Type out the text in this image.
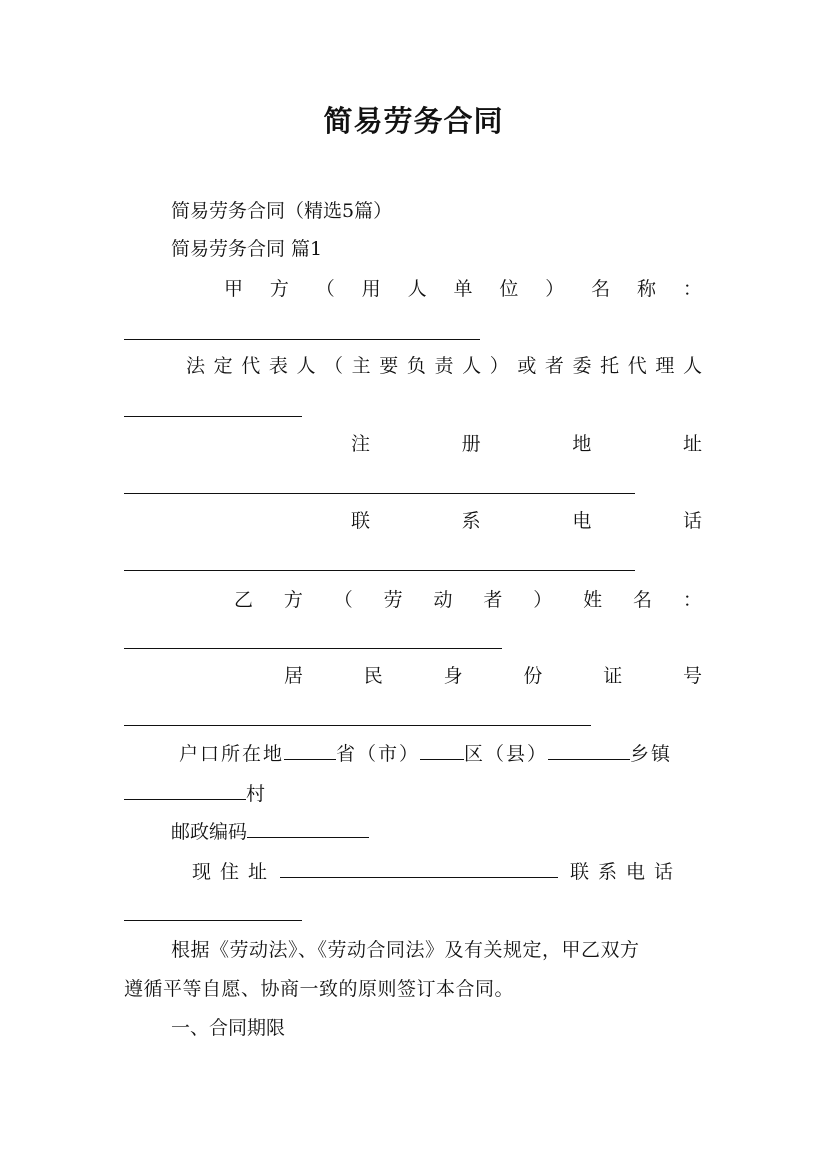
简易劳务合同
简易劳务合同（精选5篇）
简易劳务合同 篇1
甲 方 （ 用 人 单 位 ） 名 称 ：
法 定 代 表 人 （ 主 要 负 责 人 ） 或 者 委 托 代 理 人
注	册	地	址
联	系	电	话
乙 方 （ 劳 动 者 ） 姓 名 ：
居	民	身	份	证	号
户口所在地	省（市） 区（县）	乡镇
村
邮政编码
现住址	联系电话
根据《劳动法》、《劳动合同法》及有关规定，甲乙双方
遵循平等自愿、协商一致的原则签订本合同。
一、合同期限
